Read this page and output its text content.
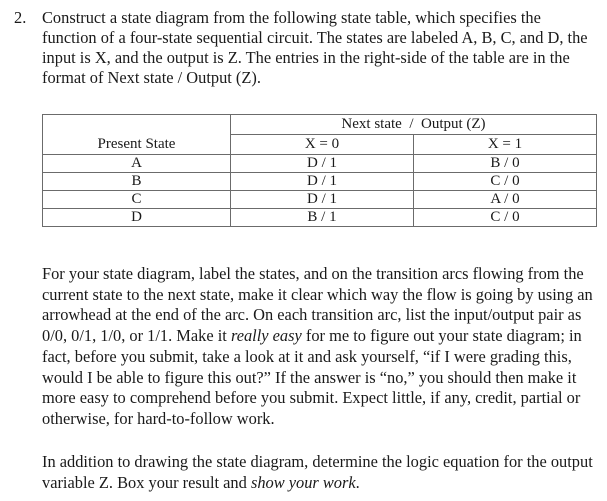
2. Construct a state diagram from the following state table, which specifies the function of a four-state sequential circuit. The states are labeled A, B, C, and D, the input is X, and the output is Z. The entries in the right-side of the table are in the format of Next state / Output (Z).
Present State	Next state  /  Output (Z)	
	X = 0	X = 1
A	D / 1	B / 0
B	D / 1	C / 0
C	D / 1	A / 0
D	B / 1	C / 0
For your state diagram, label the states, and on the transition arcs flowing from the current state to the next state, make it clear which way the flow is going by using an arrowhead at the end of the arc. On each transition arc, list the input/output pair as 0/0, 0/1, 1/0, or 1/1. Make it really easy for me to figure out your state diagram; in fact, before you submit, take a look at it and ask yourself, “if I were grading this, would I be able to figure this out?” If the answer is “no,” you should then make it more easy to comprehend before you submit. Expect little, if any, credit, partial or otherwise, for hard-to-follow work.
In addition to drawing the state diagram, determine the logic equation for the output variable Z. Box your result and show your work.
